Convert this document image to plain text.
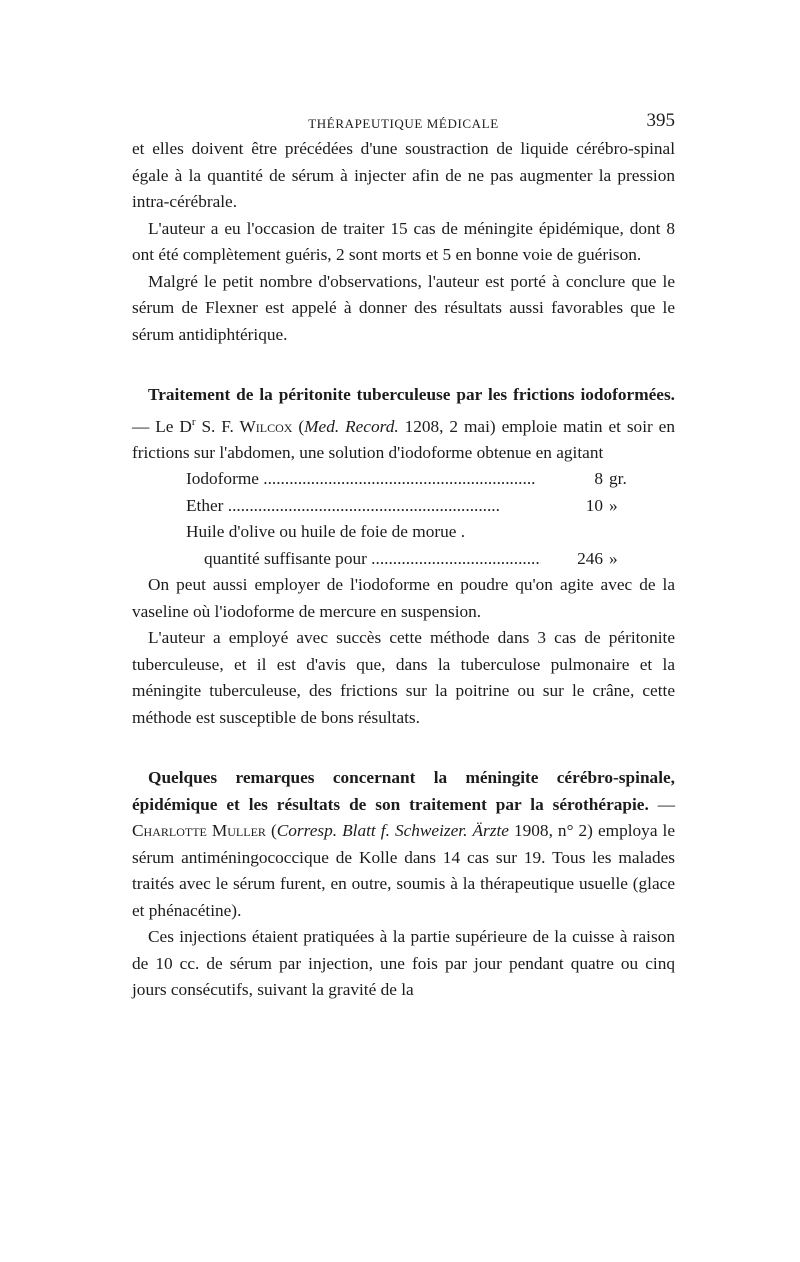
THÉRAPEUTIQUE MÉDICALE	395

et elles doivent être précédées d'une soustraction de liquide cérébro-spinal égale à la quantité de sérum à injecter afin de ne pas augmenter la pression intra-cérébrale.

L'auteur a eu l'occasion de traiter 15 cas de méningite épidémique, dont 8 ont été complètement guéris, 2 sont morts et 5 en bonne voie de guérison.

Malgré le petit nombre d'observations, l'auteur est porté à conclure que le sérum de Flexner est appelé à donner des résultats aussi favorables que le sérum antidiphtérique.

Traitement de la péritonite tuberculeuse par les frictions iodoformées. — Le $D^r$ S. F. Wilcox (Med. Record. 1208, 2 mai) emploie matin et soir en frictions sur l'abdomen, une solution d'iodoforme obtenue en agitant

Iodoforme .....	8 gr.
Ether .....	10 »
Huile d'olive ou huile de foie de morue .
quantité suffisante pour .....	246 »

On peut aussi employer de l'iodoforme en poudre qu'on agite avec de la vaseline où l'iodoforme de mercure en suspension.

L'auteur a employé avec succès cette méthode dans 3 cas de péritonite tuberculeuse, et il est d'avis que, dans la tuberculose pulmonaire et la méningite tuberculeuse, des frictions sur la poitrine ou sur le crâne, cette méthode est susceptible de bons résultats.

Quelques remarques concernant la méningite cérébro-spinale, épidémique et les résultats de son traitement par la sérothérapie. — Charlotte Muller (Corresp. Blatt f. Schweizer. Ärzte 1908, n° 2) employa le sérum antiméningococcique de Kolle dans 14 cas sur 19. Tous les malades traités avec le sérum furent, en outre, soumis à la thérapeutique usuelle (glace et phénacétine).

Ces injections étaient pratiquées à la partie supérieure de la cuisse à raison de 10 cc. de sérum par injection, une fois par jour pendant quatre ou cinq jours consécutifs, suivant la gravité de la
